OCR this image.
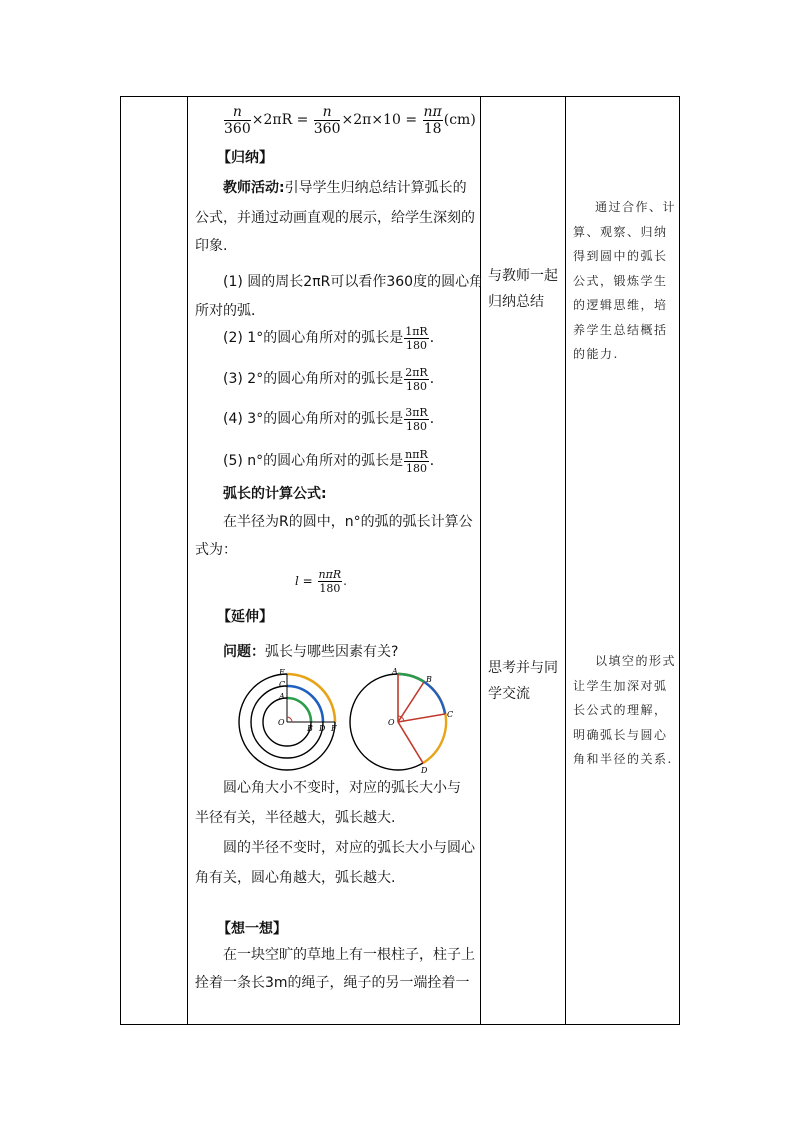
$\frac{n}{360} \times 2\pi R = \frac{n}{360} \times 2\pi\times 10 = \frac{n\pi}{18} (cm)$
【归纳】
教师活动:引导学生归纳总结计算弧长的
公式，并通过动画直观的展示，给学生深刻的
印象.
(1) 圆的周长2πR可以看作360度的圆心角
所对的弧．
(2) 1°的圆心角所对的弧长是 $\frac{1\pi R}{180}$ ．
(3) 2°的圆心角所对的弧长是 $\frac{2\pi R}{180}$ ．
(4) 3°的圆心角所对的弧长是 $\frac{3\pi R}{180}$ ．
(5) n°的圆心角所对的弧长是 $\frac{\text{nπR}}{180}$ ．
弧长的计算公式:
在半径为R的圆中，n°的弧的弧长计算公
式为：
$l = \frac{\text{nπR}}{180}$ .
【延伸】
问题：弧长与哪些因素有关?
E
C
A
O
B D F
A
B
C
D
O
圆心角大小不变时，对应的弧长大小与
半径有关，半径越大，弧长越大.
圆的半径不变时，对应的弧长大小与圆心
角有关，圆心角越大，弧长越大.
【想一想】
在一块空旷的草地上有一根柱子，柱子上
拴着一条长3m的绳子，绳子的另一端拴着一
与教师一起归纳总结
思考并与同学交流
通过合作、计算、观察、归纳得到圆中的弧长公式，锻炼学生的逻辑思维，培养学生总结概括的能力.
以填空的形式让学生加深对弧长公式的理解，明确弧长与圆心角和半径的关系.
